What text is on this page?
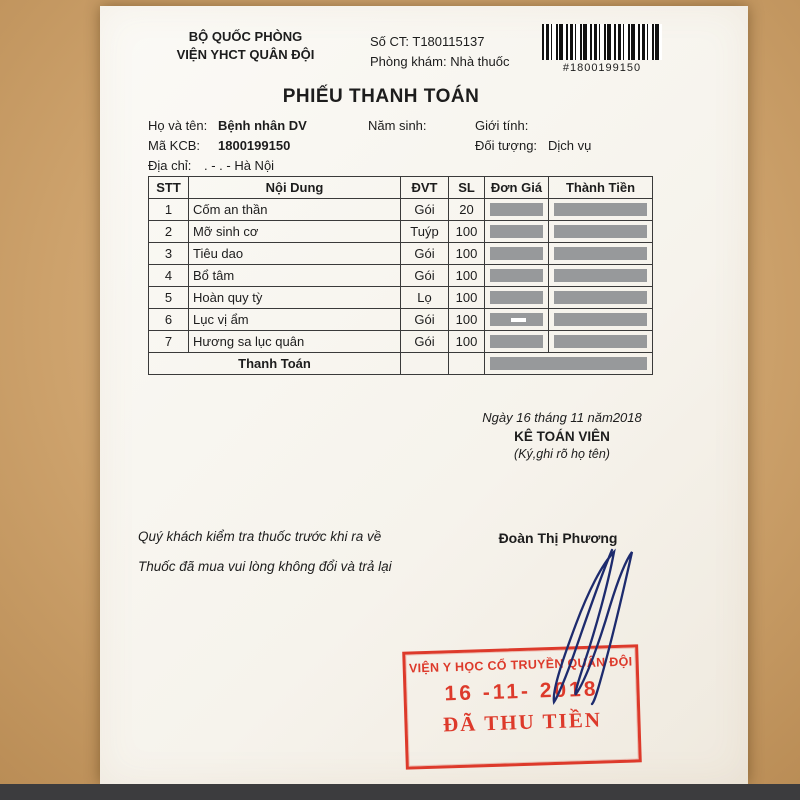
BỘ QUỐC PHÒNG
VIỆN YHCT QUÂN ĐỘI
Số CT: T180115137
Phòng khám: Nhà thuốc	#1800199150
PHIẾU THANH TOÁN
Họ và tên: Bệnh nhân DV	Năm sinh:	Giới tính:
Mã KCB: 1800199150	Đối tượng: Dịch vụ
Địa chỉ: . - . - Hà Nội
STT	Nội Dung	ĐVT	SL	Đơn Giá	Thành Tiền
1	Cốm an thần	Gói	20	

2	Mỡ sinh cơ	Tuýp	100	

3	Tiêu dao	Gói	100	

4	Bổ tâm	Gói	100	

5	Hoàn quy tỳ	Lọ	100	

6	Lục vị ẩm	Gói	100	

7	Hương sa lục quân	Gói	100	

Thanh Toán					
Ngày 16 tháng 11 năm2018
KÊ TOÁN VIÊN
(Ký,ghi rõ họ tên)
Quý khách kiểm tra thuốc trước khi ra về
Thuốc đã mua vui lòng không đổi và trả lại
Đoàn Thị Phương
VIỆN Y HỌC CỔ TRUYỀN QUÂN ĐỘI
16 -11- 2018
ĐÃ THU TIỀN
